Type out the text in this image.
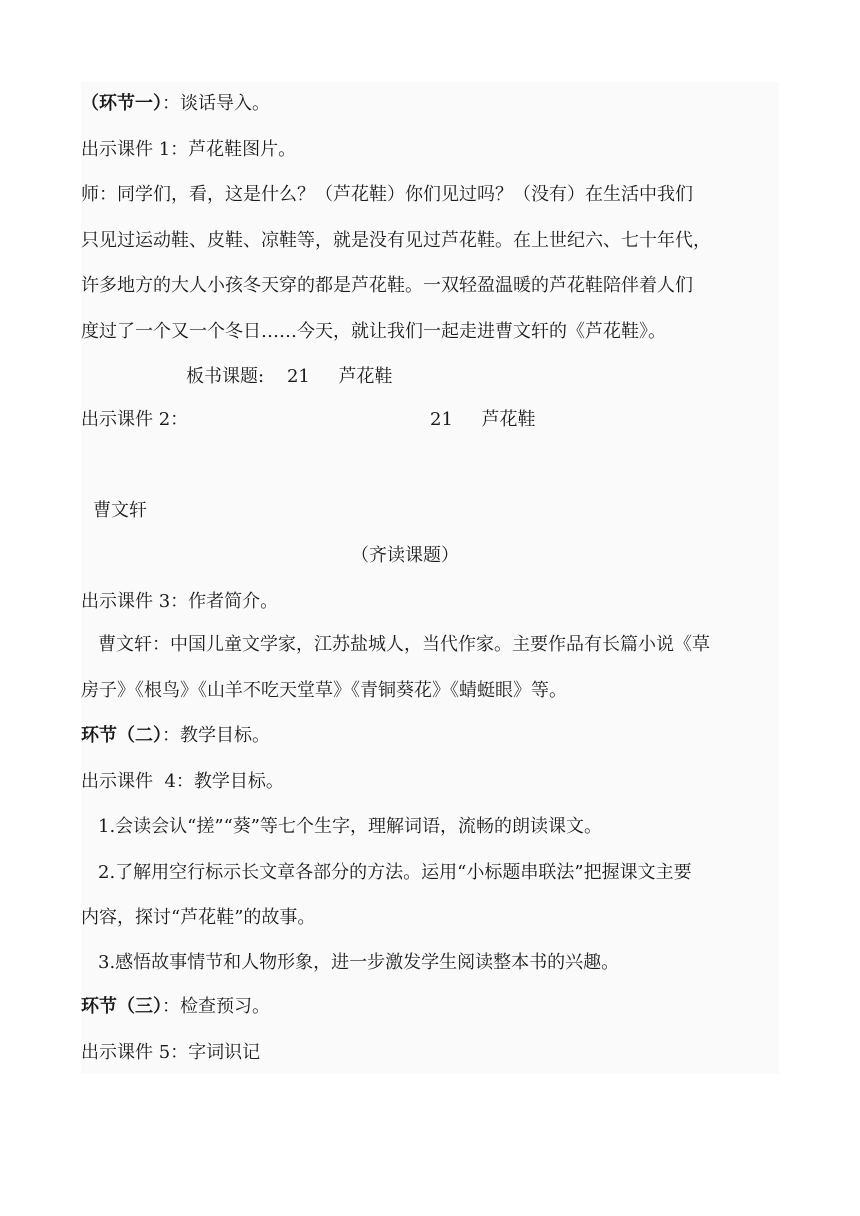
（环节一）：谈话导入。
出示课件 1：芦花鞋图片。
师：同学们，看，这是什么？（芦花鞋）你们见过吗？（没有）在生活中我们
只见过运动鞋、皮鞋、凉鞋等，就是没有见过芦花鞋。在上世纪六、七十年代，
许多地方的大人小孩冬天穿的都是芦花鞋。一双轻盈温暖的芦花鞋陪伴着人们
度过了一个又一个冬日……今天，就让我们一起走进曹文轩的《芦花鞋》。
板书课题:    21     芦花鞋
出示课件 2：	21     芦花鞋
曹文轩
（齐读课题）
出示课件 3：作者简介。
曹文轩：中国儿童文学家，江苏盐城人，当代作家。主要作品有长篇小说《草
房子》《根鸟》《山羊不吃天堂草》《青铜葵花》《蜻蜓眼》等。
环节（二）：教学目标。
出示课件  4：教学目标。
1.会读会认“搓”“葵”等七个生字，理解词语，流畅的朗读课文。
2.了解用空行标示长文章各部分的方法。运用“小标题串联法”把握课文主要
内容，探讨“芦花鞋”的故事。
3.感悟故事情节和人物形象，进一步激发学生阅读整本书的兴趣。
环节（三）：检查预习。
出示课件 5：字词识记
